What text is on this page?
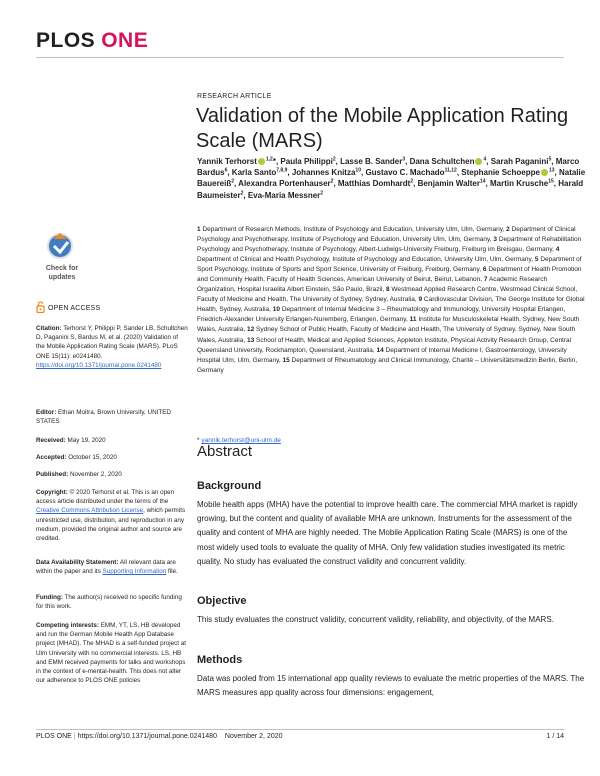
PLOS ONE
Check for updates
OPEN ACCESS
Citation: Terhorst Y, Philippi P, Sander LB, Schultchen D, Paganini S, Bardus M, et al. (2020) Validation of the Mobile Application Rating Scale (MARS). PLoS ONE 15(11): e0241480. https://doi.org/10.1371/journal.pone.0241480
Editor: Ethan Moitra, Brown University, UNITED STATES
Received: May 19, 2020
Accepted: October 15, 2020
Published: November 2, 2020
Copyright: © 2020 Terhorst et al. This is an open access article distributed under the terms of the Creative Commons Attribution License, which permits unrestricted use, distribution, and reproduction in any medium, provided the original author and source are credited.
Data Availability Statement: All relevant data are within the paper and its Supporting Information file.
Funding: The author(s) received no specific funding for this work.
Competing interests: EMM, YT, LS, HB developed and run the German Mobile Health App Database project (MHAD). The MHAD is a self-funded project at Ulm University with no commercial interests. LS, HB and EMM received payments for talks and workshops in the context of e-mental-health. This does not alter our adherence to PLOS ONE policies
RESEARCH ARTICLE
Validation of the Mobile Application Rating Scale (MARS)
Yannik Terhorst $^{1,2}$*, Paula Philippi$^2$, Lasse B. Sander$^3$, Dana Schultchen $^4$, Sarah Paganini$^5$, Marco Bardus$^6$, Karla Santo$^{7,8,9}$, Johannes Knitza$^{10}$, Gustavo C. Machado$^{11,12}$, Stephanie Schoeppe $^{13}$, Natalie Bauereiß$^2$, Alexandra Portenhauser$^2$, Matthias Domhardt$^2$, Benjamin Walter$^{14}$, Martin Krusche$^{15}$, Harald Baumeister$^2$, Eva-Maria Messner$^2$
1 Department of Research Methods, Institute of Psychology and Education, University Ulm, Ulm, Germany, 2 Department of Clinical Psychology and Psychotherapy, Institute of Psychology and Education, University Ulm, Ulm, Germany, 3 Department of Rehabilitation Psychology and Psychotherapy, Institute of Psychology, Albert-Ludwigs-University Freiburg, Freiburg im Breisgau, Germany, 4 Department of Clinical and Health Psychology, Institute of Psychology and Education, University Ulm, Ulm, Germany, 5 Department of Sport Psychology, Institute of Sports and Sport Science, University of Freiburg, Freiburg, Germany, 6 Department of Health Promotion and Community Health, Faculty of Health Sciences, American University of Beirut, Beirut, Lebanon, 7 Academic Research Organization, Hospital Israelita Albert Einstein, São Paulo, Brazil, 8 Westmead Applied Research Centre, Westmead Clinical School, Faculty of Medicine and Health, The University of Sydney, Sydney, Australia, 9 Cardiovascular Division, The George Institute for Global Health, Sydney, Australia, 10 Department of Internal Medicine 3 – Rheumatology and Immunology, University Hospital Erlangen, Friedrich-Alexander University Erlangen-Nuremberg, Erlangen, Germany, 11 Institute for Musculoskeletal Health, Sydney, New South Wales, Australia, 12 Sydney School of Public Health, Faculty of Medicine and Health, The University of Sydney, Sydney, New South Wales, Australia, 13 School of Health, Medical and Applied Sciences, Appleton Institute, Physical Activity Research Group, Central Queensland University, Rockhampton, Queensland, Australia, 14 Department of Internal Medicine I, Gastroenterology, University Hospital Ulm, Ulm, Germany, 15 Department of Rheumatology and Clinical Immunology, Charité – Universitätsmedizin Berlin, Berlin, Germany
* yannik.terhorst@uni-ulm.de
Abstract
Background
Mobile health apps (MHA) have the potential to improve health care. The commercial MHA market is rapidly growing, but the content and quality of available MHA are unknown. Instruments for the assessment of the quality and content of MHA are highly needed. The Mobile Application Rating Scale (MARS) is one of the most widely used tools to evaluate the quality of MHA. Only few validation studies investigated its metric quality. No study has evaluated the construct validity and concurrent validity.
Objective
This study evaluates the construct validity, concurrent validity, reliability, and objectivity, of the MARS.
Methods
Data was pooled from 15 international app quality reviews to evaluate the metric properties of the MARS. The MARS measures app quality across four dimensions: engagement,
PLOS ONE | https://doi.org/10.1371/journal.pone.0241480 November 2, 2020	1 / 14
